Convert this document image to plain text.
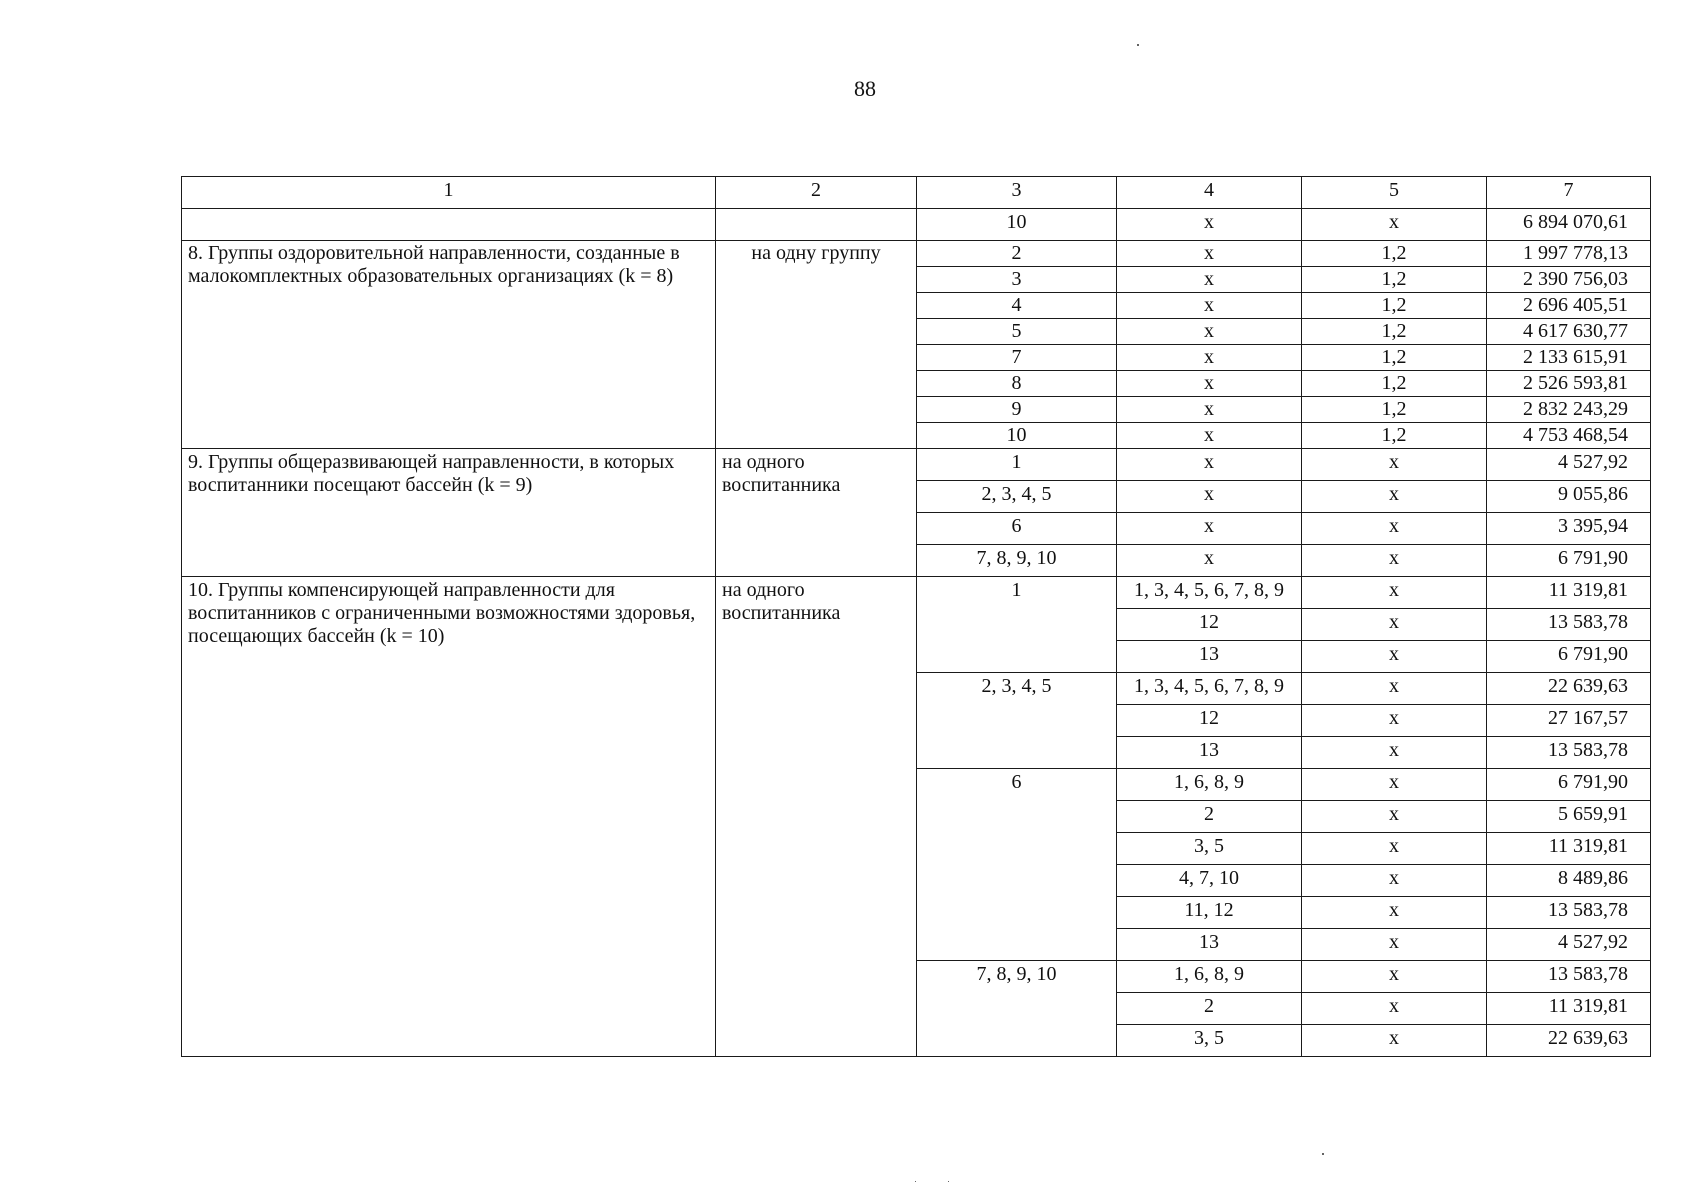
88
1	2	3	4	5	7
		10	x	x	6 894 070,61
8. Группы оздоровительной направленности, созданные в малокомплектных образовательных организациях (k = 8)	на одну группу	2	x	1,2	1 997 778,13
		3	x	1,2	2 390 756,03
		4	x	1,2	2 696 405,51
		5	x	1,2	4 617 630,77
		7	x	1,2	2 133 615,91
		8	x	1,2	2 526 593,81
		9	x	1,2	2 832 243,29
		10	x	1,2	4 753 468,54
9. Группы общеразвивающей направленности, в которых воспитанники посещают бассейн (k = 9)	на одного воспитанника	1	x	x	4 527,92
		2, 3, 4, 5	x	x	9 055,86
		6	x	x	3 395,94
		7, 8, 9, 10	x	x	6 791,90
10. Группы компенсирующей направленности для воспитанников с ограниченными возможностями здоровья, посещающих бассейн (k = 10)	на одного воспитанника	1	1, 3, 4, 5, 6, 7, 8, 9	x	11 319,81
			12	x	13 583,78
			13	x	6 791,90
		2, 3, 4, 5	1, 3, 4, 5, 6, 7, 8, 9	x	22 639,63
			12	x	27 167,57
			13	x	13 583,78
		6	1, 6, 8, 9	x	6 791,90
			2	x	5 659,91
			3, 5	x	11 319,81
			4, 7, 10	x	8 489,86
			11, 12	x	13 583,78
			13	x	4 527,92
		7, 8, 9, 10	1, 6, 8, 9	x	13 583,78
			2	x	11 319,81
			3, 5	x	22 639,63
